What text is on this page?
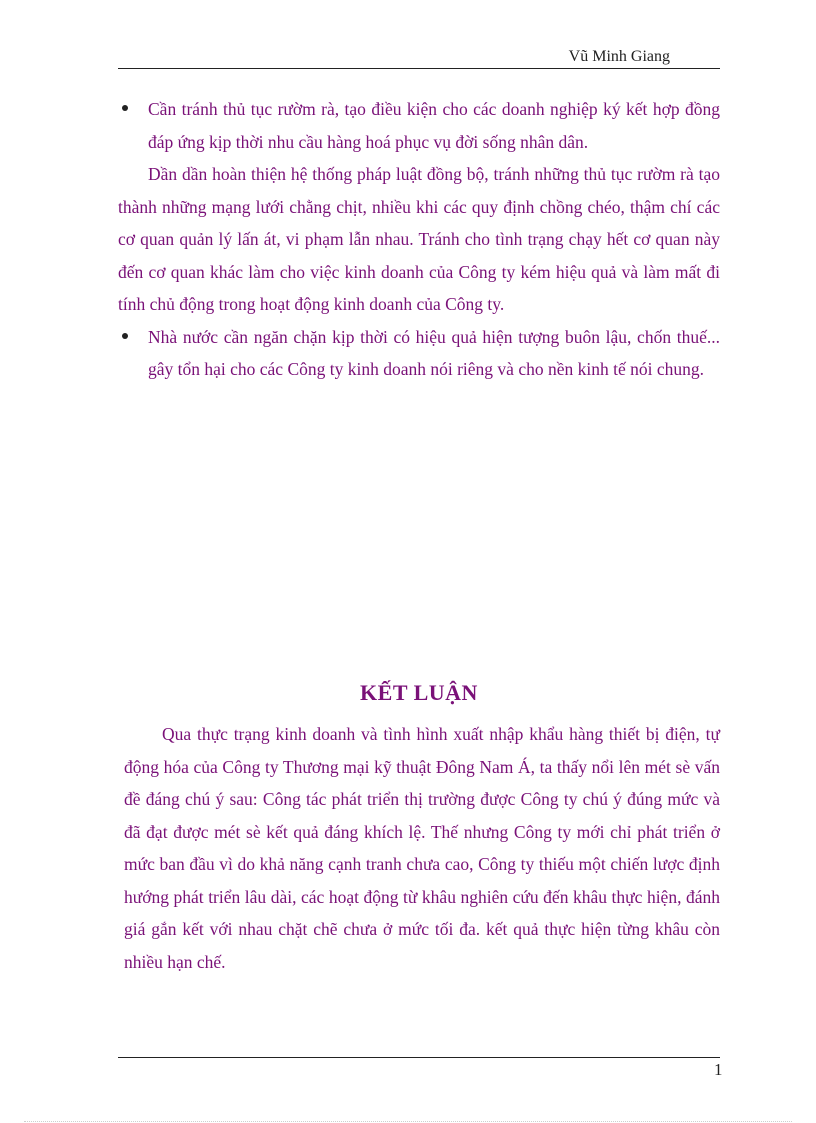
Vũ Minh Giang
Cần tránh thủ tục rườm rà, tạo điều kiện cho các doanh nghiệp ký kết hợp đồng đáp ứng kịp thời nhu cầu hàng hoá phục vụ đời sống nhân dân.
Dần dần hoàn thiện hệ thống pháp luật đồng bộ, tránh những thủ tục rườm rà tạo thành những mạng lưới chằng chịt, nhiều khi các quy định chồng chéo, thậm chí các cơ quan quản lý lấn át, vi phạm lẫn nhau. Tránh cho tình trạng chạy hết cơ quan này đến cơ quan khác làm cho việc kinh doanh của Công ty kém hiệu quả và làm mất đi tính chủ động trong hoạt động kinh doanh của Công ty.
Nhà nước cần ngăn chặn kịp thời có hiệu quả hiện tượng buôn lậu, chốn thuế... gây tổn hại cho các Công ty kinh doanh nói riêng và cho nền kinh tế nói chung.
KẾT LUẬN
Qua thực trạng kinh doanh và tình hình xuất nhập khẩu hàng thiết bị điện, tự động hóa của Công ty Thương mại kỹ thuật Đông Nam Á, ta thấy nổi lên mét sè vấn đề đáng chú ý sau: Công tác phát triển thị trường được Công ty chú ý đúng mức và đã đạt được mét sè kết quả đáng khích lệ. Thế nhưng Công ty mới chỉ phát triển ở mức ban đầu vì do khả năng cạnh tranh chưa cao, Công ty thiếu một chiến lược định hướng phát triển lâu dài, các hoạt động từ khâu nghiên cứu đến khâu thực hiện, đánh giá gắn kết với nhau chặt chẽ chưa ở mức tối đa. kết quả thực hiện từng khâu còn nhiều hạn chế.
1
